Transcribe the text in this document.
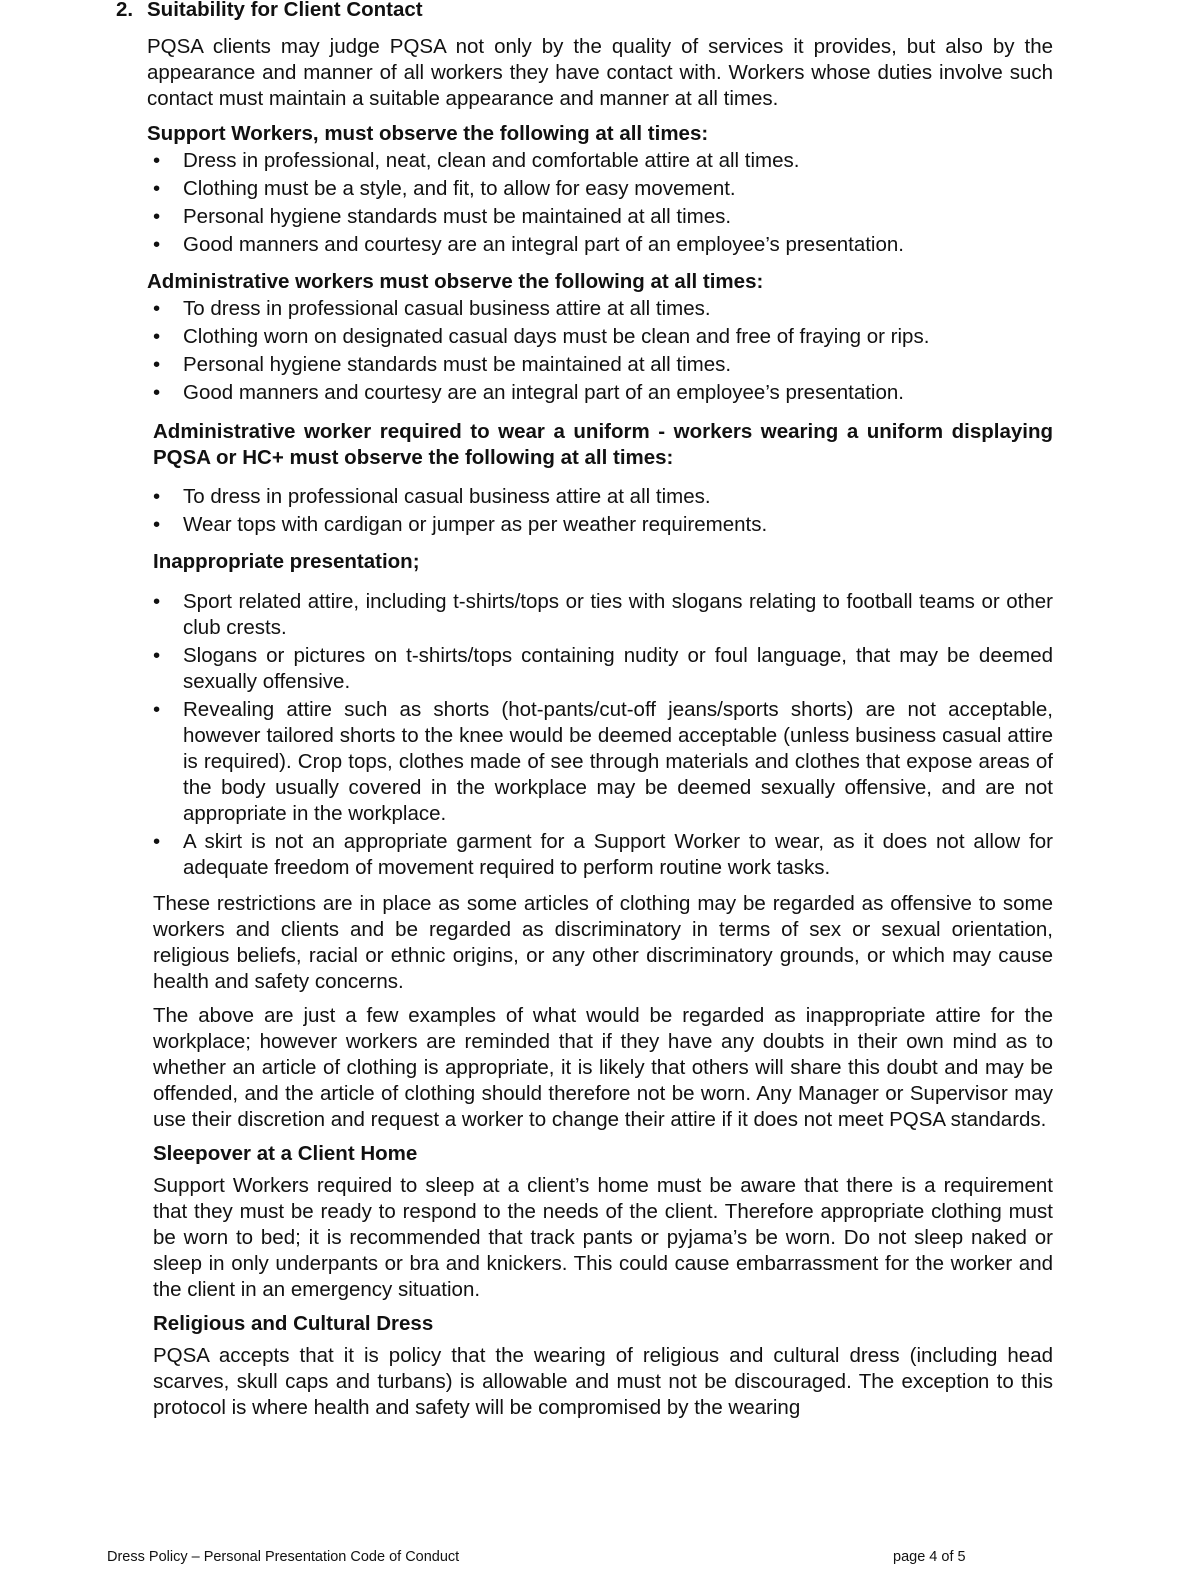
2. Suitability for Client Contact

PQSA clients may judge PQSA not only by the quality of services it provides, but also by the appearance and manner of all workers they have contact with. Workers whose duties involve such contact must maintain a suitable appearance and manner at all times.

Support Workers, must observe the following at all times:
• Dress in professional, neat, clean and comfortable attire at all times.
• Clothing must be a style, and fit, to allow for easy movement.
• Personal hygiene standards must be maintained at all times.
• Good manners and courtesy are an integral part of an employee’s presentation.
Administrative workers must observe the following at all times:
• To dress in professional casual business attire at all times.
• Clothing worn on designated casual days must be clean and free of fraying or rips.
• Personal hygiene standards must be maintained at all times.
• Good manners and courtesy are an integral part of an employee’s presentation.

Administrative worker required to wear a uniform - workers wearing a uniform displaying PQSA or HC+ must observe the following at all times:

• To dress in professional casual business attire at all times.
• Wear tops with cardigan or jumper as per weather requirements.
Inappropriate presentation;
• Sport related attire, including t-shirts/tops or ties with slogans relating to football teams or other club crests.
• Slogans or pictures on t-shirts/tops containing nudity or foul language, that may be deemed sexually offensive.
• Revealing attire such as shorts (hot-pants/cut-off jeans/sports shorts) are not acceptable, however tailored shorts to the knee would be deemed acceptable (unless business casual attire is required). Crop tops, clothes made of see through materials and clothes that expose areas of the body usually covered in the workplace may be deemed sexually offensive, and are not appropriate in the workplace.
• A skirt is not an appropriate garment for a Support Worker to wear, as it does not allow for adequate freedom of movement required to perform routine work tasks.

These restrictions are in place as some articles of clothing may be regarded as offensive to some workers and clients and be regarded as discriminatory in terms of sex or sexual orientation, religious beliefs, racial or ethnic origins, or any other discriminatory grounds, or which may cause health and safety concerns.

The above are just a few examples of what would be regarded as inappropriate attire for the workplace; however workers are reminded that if they have any doubts in their own mind as to whether an article of clothing is appropriate, it is likely that others will share this doubt and may be offended, and the article of clothing should therefore not be worn. Any Manager or Supervisor may use their discretion and request a worker to change their attire if it does not meet PQSA standards.

Sleepover at a Client Home

Support Workers required to sleep at a client’s home must be aware that there is a requirement that they must be ready to respond to the needs of the client. Therefore appropriate clothing must be worn to bed; it is recommended that track pants or pyjama’s be worn. Do not sleep naked or sleep in only underpants or bra and knickers. This could cause embarrassment for the worker and the client in an emergency situation.

Religious and Cultural Dress

PQSA accepts that it is policy that the wearing of religious and cultural dress (including head scarves, skull caps and turbans) is allowable and must not be discouraged. The exception to this protocol is where health and safety will be compromised by the wearing

Dress Policy – Personal Presentation Code of Conduct	page 4 of 5
